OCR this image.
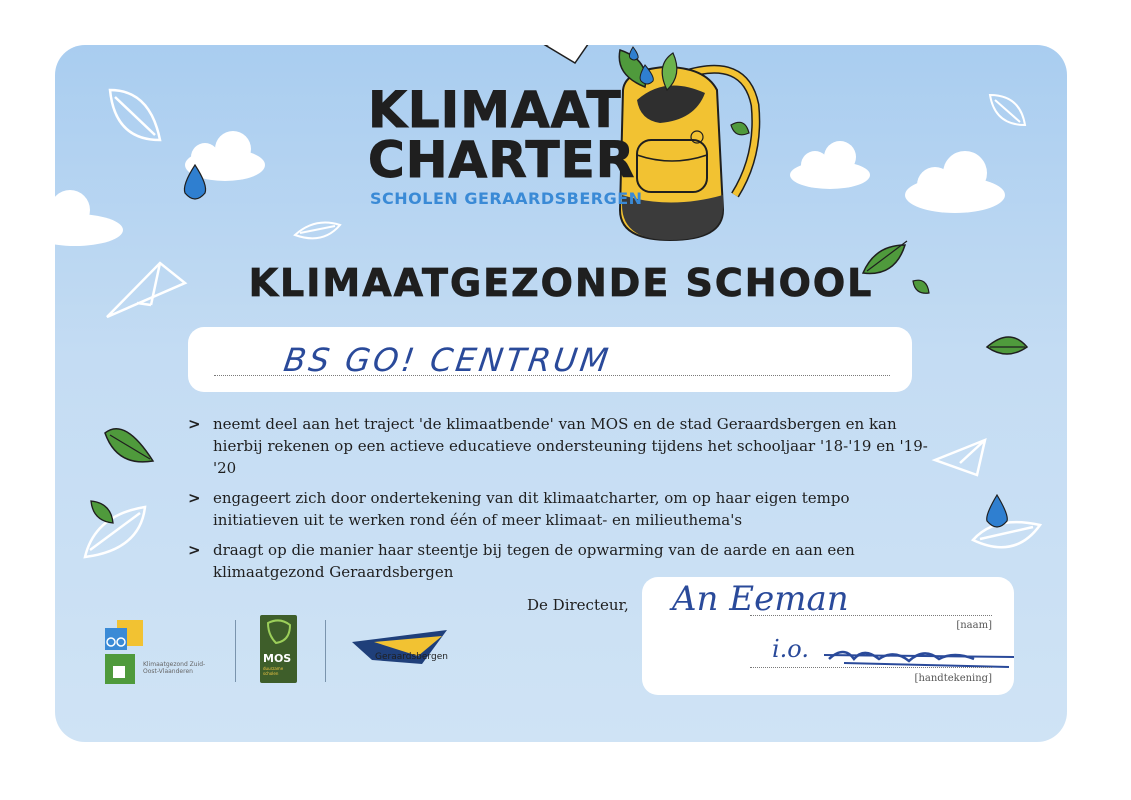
KLIMAAT
CHARTER
SCHOLEN GERAARDSBERGEN
KLIMAATGEZONDE SCHOOL
BS GO! CENTRUM
> neemt deel aan het traject 'de klimaatbende' van MOS en de stad Geraardsbergen en kan hierbij rekenen op een actieve educatieve ondersteuning tijdens het schooljaar '18-'19 en '19-'20
> engageert zich door ondertekening van dit klimaatcharter, om op haar eigen tempo initiatieven uit te werken rond één of meer klimaat- en milieuthema's
> draagt op die manier haar steentje bij tegen de opwarming van de aarde en aan een klimaatgezond Geraardsbergen
De Directeur, An Eeman
[naam]
i.o.
[handtekening]
Klimaatgezond Zuid-Oost-Vlaanderen
MOS
duurzame scholen
Geraardsbergen
